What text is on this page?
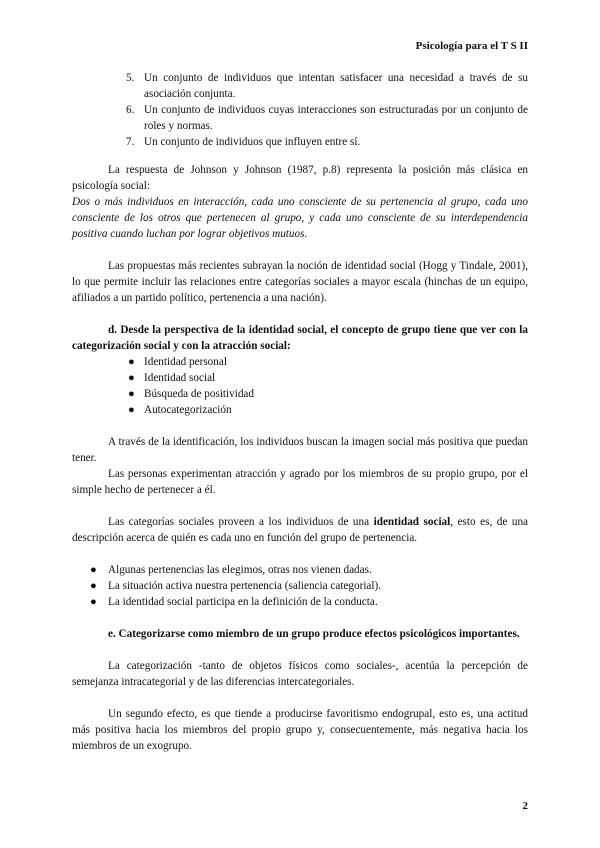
Psicología para el T S II
5. Un conjunto de individuos que intentan satisfacer una necesidad a través de su asociación conjunta.
6. Un conjunto de individuos cuyas interacciones son estructuradas por un conjunto de roles y normas.
7. Un conjunto de individuos que influyen entre sí.

La respuesta de Johnson y Johnson (1987, p.8) representa la posición más clásica en psicología social:

Dos o más individuos en interacción, cada uno consciente de su pertenencia al grupo, cada uno consciente de los otros que pertenecen al grupo, y cada uno consciente de su interdependencia positiva cuando luchan por lograr objetivos mutuos.

Las propuestas más recientes subrayan la noción de identidad social (Hogg y Tindale, 2001), lo que permite incluir las relaciones entre categorías sociales a mayor escala (hinchas de un equipo, afiliados a un partido político, pertenencia a una nación).

d. Desde la perspectiva de la identidad social, el concepto de grupo tiene que ver con la categorización social y con la atracción social:

● Identidad personal
● Identidad social
● Búsqueda de positividad
● Autocategorización

A través de la identificación, los individuos buscan la imagen social más positiva que puedan tener.

Las personas experimentan atracción y agrado por los miembros de su propio grupo, por el simple hecho de pertenecer a él.

Las categorías sociales proveen a los individuos de una identidad social, esto es, de una descripción acerca de quién es cada uno en función del grupo de pertenencia.

● Algunas pertenencias las elegimos, otras nos vienen dadas.
● La situación activa nuestra pertenencia (saliencia categorial).
● La identidad social participa en la definición de la conducta.

e. Categorizarse como miembro de un grupo produce efectos psicológicos importantes.

La categorización -tanto de objetos físicos como sociales-, acentúa la percepción de semejanza intracategorial y de las diferencias intercategoriales.

Un segundo efecto, es que tiende a producirse favoritismo endogrupal, esto es, una actitud más positiva hacia los miembros del propio grupo y, consecuentemente, más negativa hacia los miembros de un exogrupo.

2
